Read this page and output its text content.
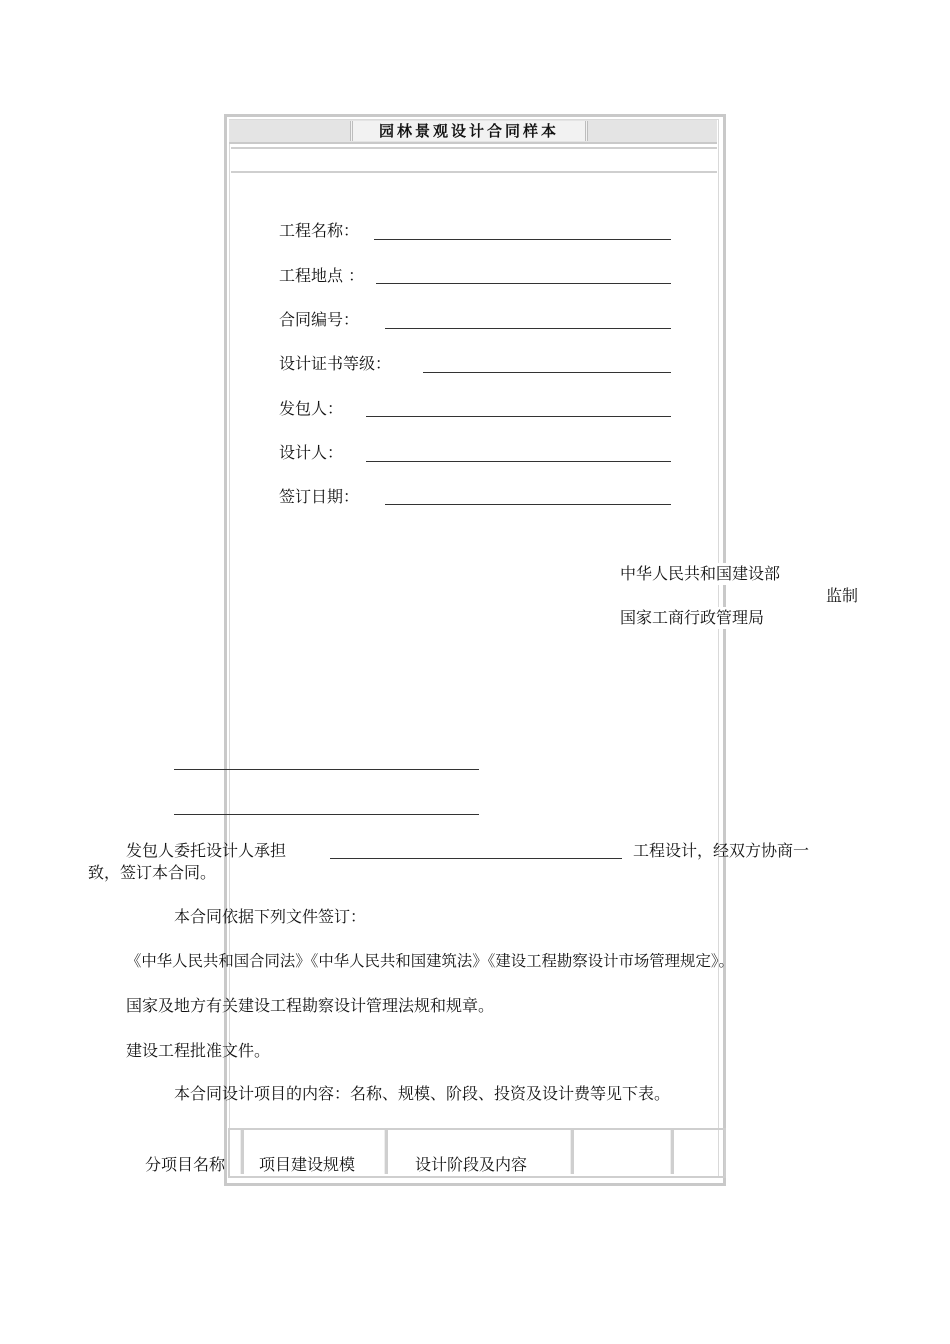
园林景观设计合同样本
工程名称：
工程地点 ：
合同编号：
设计证书等级：
发包人：
设计人：
签订日期：
中华人民共和国建设部
国家工商行政管理局
监制
发包人委托设计人承担	工程设计，经双方协商一
致，签订本合同。
本合同依据下列文件签订：
《中华人民共和国合同法》《中华人民共和国建筑法》《建设工程勘察设计市场管理规定》。
国家及地方有关建设工程勘察设计管理法规和规章。
建设工程批准文件。
本合同设计项目的内容：名称、规模、阶段、投资及设计费等见下表。
分项目名称 项目建设规模	设计阶段及内容
